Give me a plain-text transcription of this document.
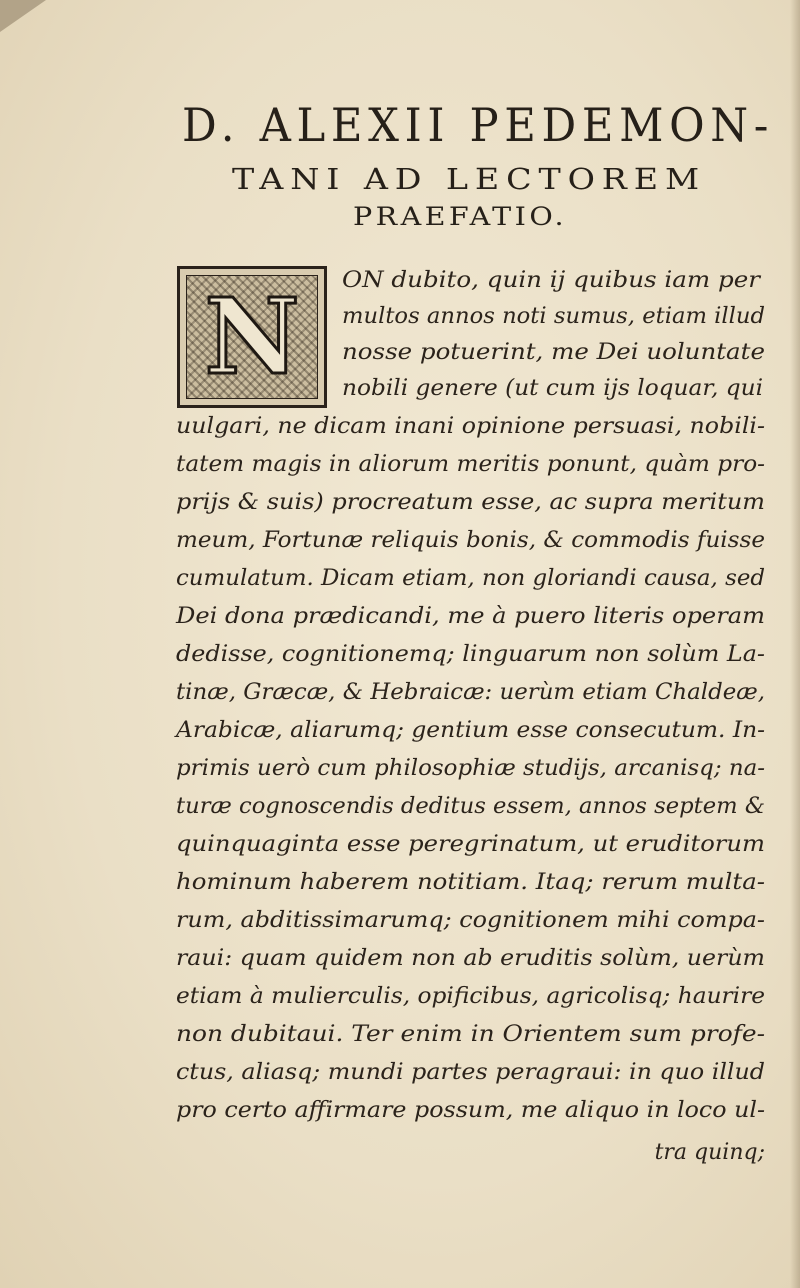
D. ALEXII PEDEMON-
TANI AD LECTOREM
PRAEFATIO.
N	ON dubito, quin ij quibus iam per
multos annos noti sumus, etiam illud
nosse potuerint, me Dei uoluntate
nobili genere (ut cum ijs loquar, qui
uulgari, ne dicam inani opinione persuasi, nobili-
tatem magis in aliorum meritis ponunt, quàm pro-
prijs & suis) procreatum esse, ac supra meritum
meum, Fortunæ reliquis bonis, & commodis fuisse
cumulatum. Dicam etiam, non gloriandi causa, sed
Dei dona prædicandi, me à puero literis operam
dedisse, cognitionemq; linguarum non solùm La-
tinæ, Græcæ, & Hebraicæ: uerùm etiam Chaldeæ,
Arabicæ, aliarumq; gentium esse consecutum. In-
primis uerò cum philosophiæ studijs, arcanisq; na-
turæ cognoscendis deditus essem, annos septem &
quinquaginta esse peregrinatum, ut eruditorum
hominum haberem notitiam. Itaq; rerum multa-
rum, abditissimarumq; cognitionem mihi compa-
raui: quam quidem non ab eruditis solùm, uerùm
etiam à mulierculis, opificibus, agricolisq; haurire
non dubitaui. Ter enim in Orientem sum profe-
ctus, aliasq; mundi partes peragraui: in quo illud
pro certo affirmare possum, me aliquo in loco ul-
tra quinq;
